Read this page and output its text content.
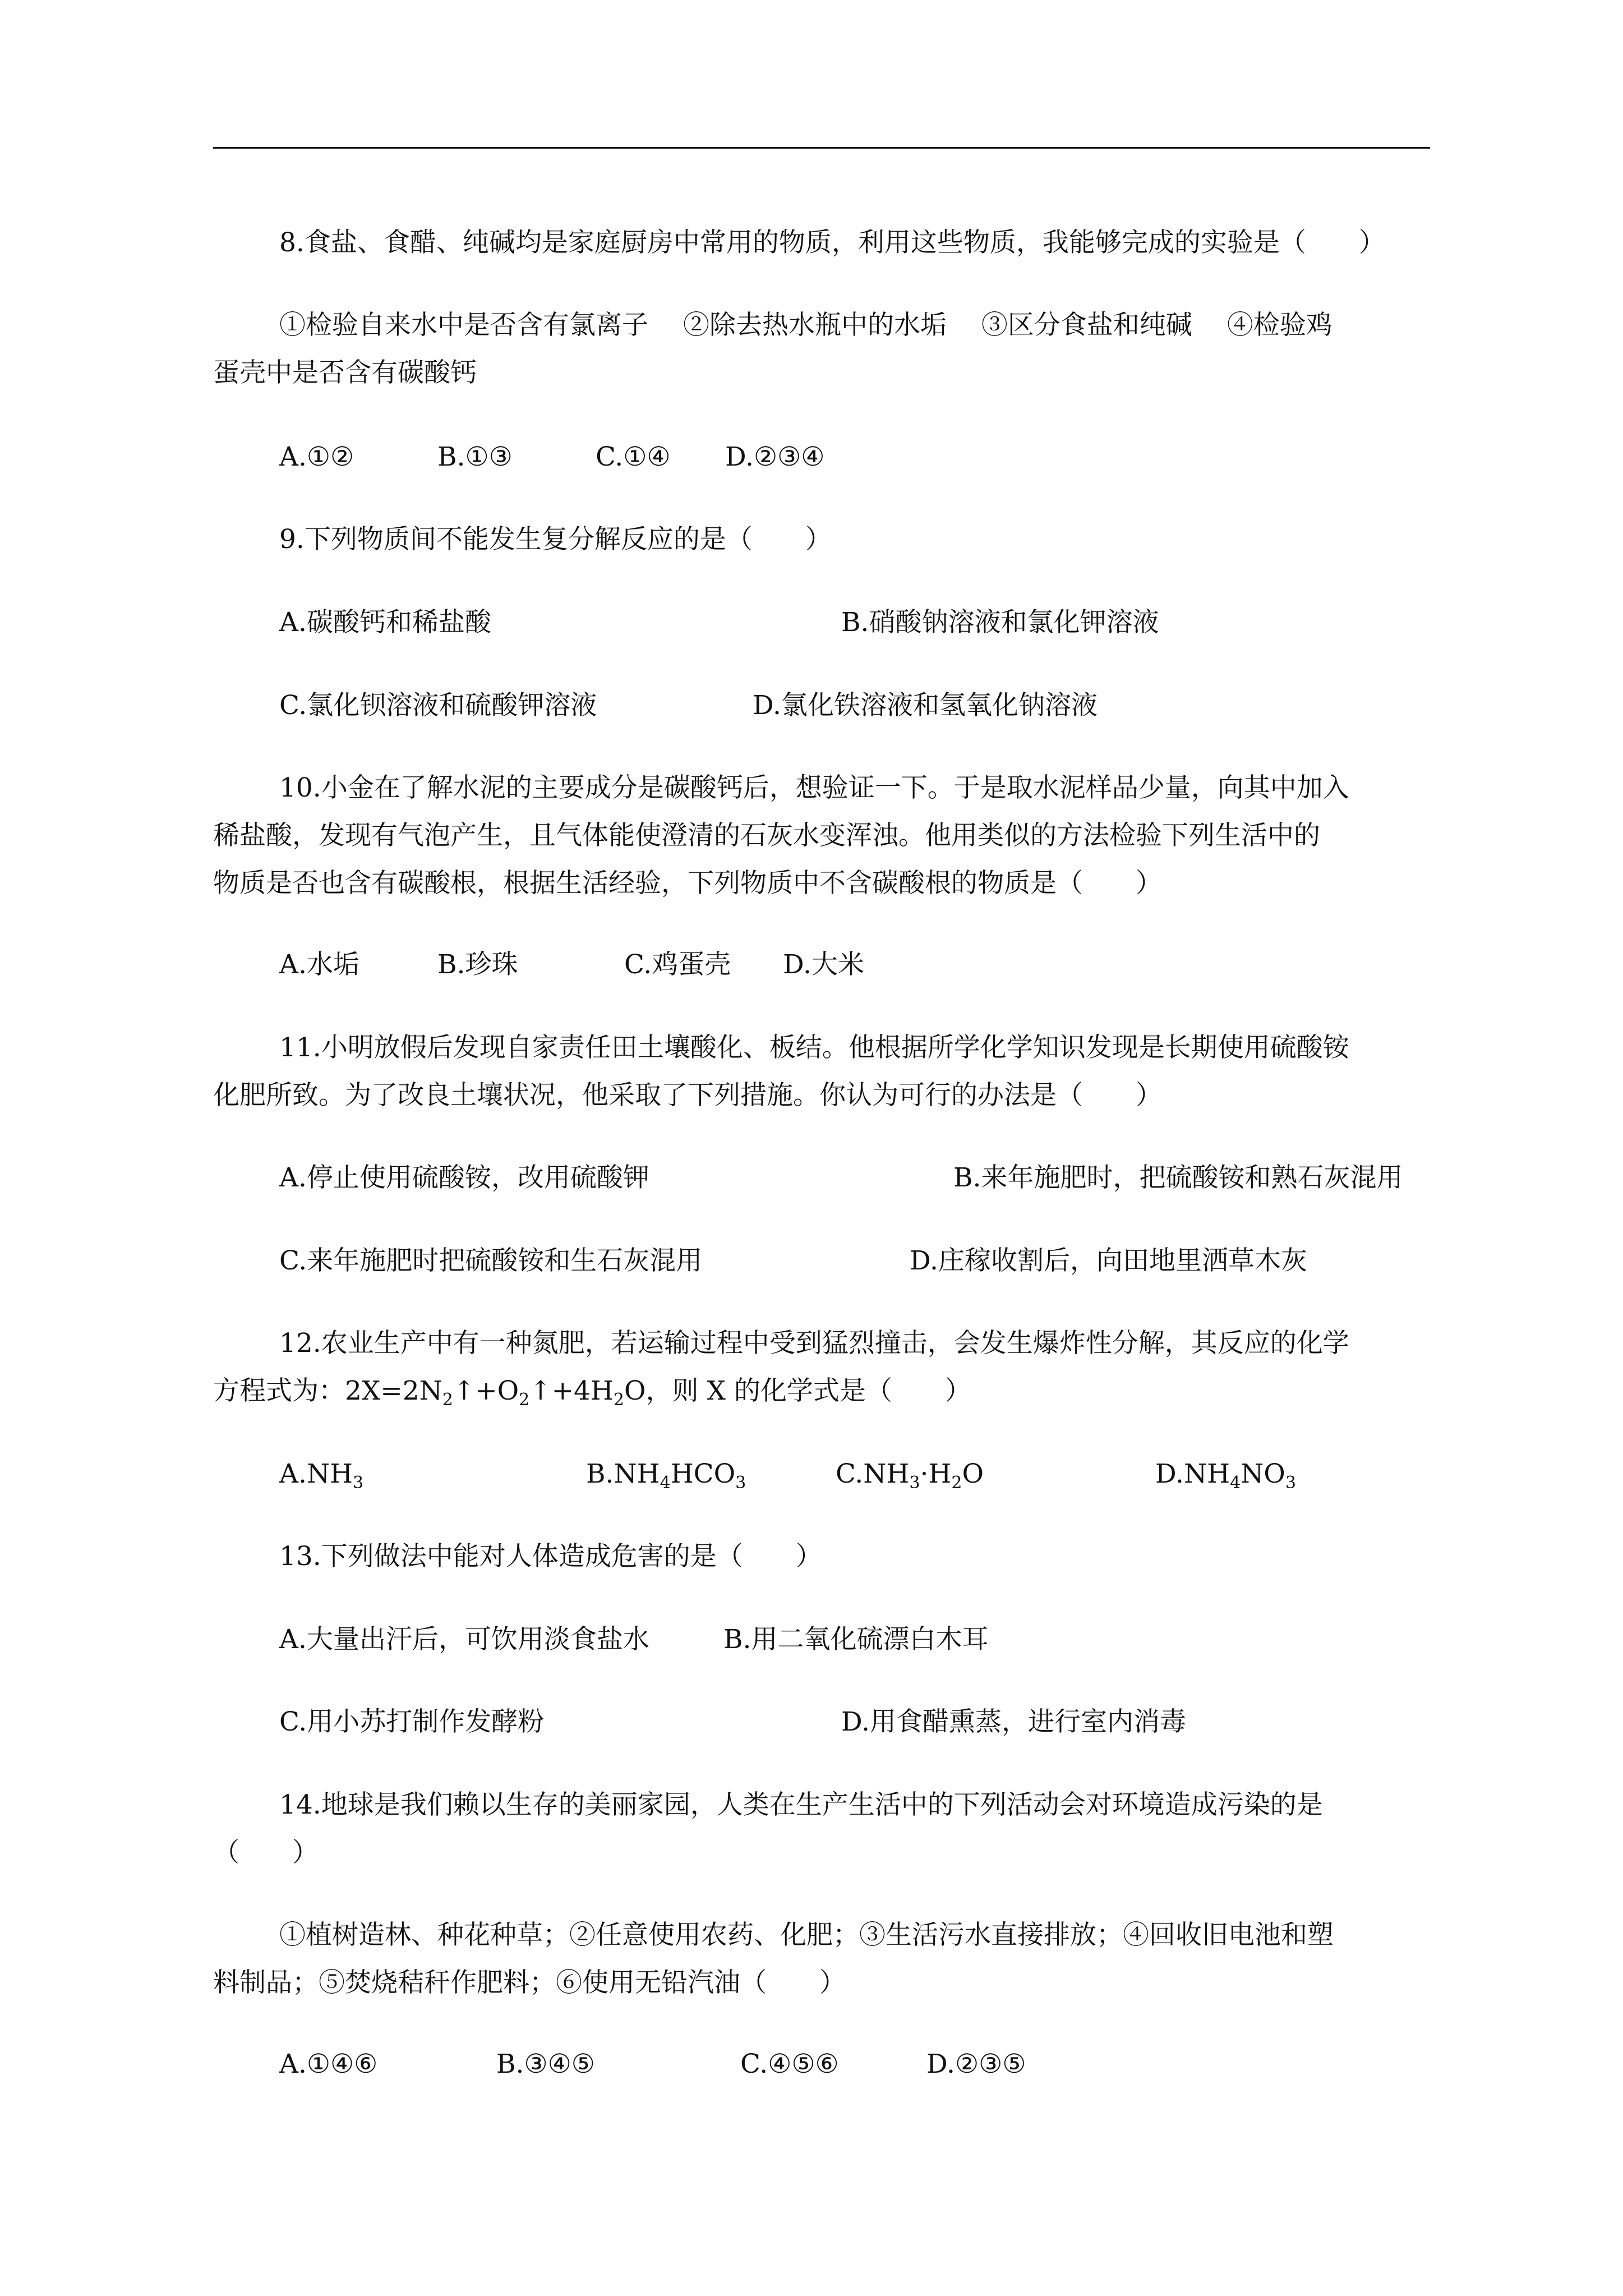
8.食盐、食醋、纯碱均是家庭厨房中常用的物质，利用这些物质，我能够完成的实验是（　　）
①检验自来水中是否含有氯离子　 ②除去热水瓶中的水垢　 ③区分食盐和纯碱　 ④检验鸡
蛋壳中是否含有碳酸钙
A.①②	B.①③	C.①④ D.②③④
9.下列物质间不能发生复分解反应的是（　　）
A.碳酸钙和稀盐酸	B.硝酸钠溶液和氯化钾溶液
C.氯化钡溶液和硫酸钾溶液	D.氯化铁溶液和氢氧化钠溶液
10.小金在了解水泥的主要成分是碳酸钙后，想验证一下。于是取水泥样品少量，向其中加入
稀盐酸，发现有气泡产生，且气体能使澄清的石灰水变浑浊。他用类似的方法检验下列生活中的
物质是否也含有碳酸根，根据生活经验，下列物质中不含碳酸根的物质是（　　）
A.水垢	B.珍珠	C.鸡蛋壳 D.大米
11.小明放假后发现自家责任田土壤酸化、板结。他根据所学化学知识发现是长期使用硫酸铵
化肥所致。为了改良土壤状况，他采取了下列措施。你认为可行的办法是（　　）
A.停止使用硫酸铵，改用硫酸钾	B.来年施肥时，把硫酸铵和熟石灰混用
C.来年施肥时把硫酸铵和生石灰混用	D.庄稼收割后，向田地里洒草木灰
12.农业生产中有一种氮肥，若运输过程中受到猛烈撞击，会发生爆炸性分解，其反应的化学
方程式为：$2X=2N_2↑+O_2↑+4H_2O$，则 X 的化学式是（　　）
$A.NH_3$	$B.NH_4HCO_3$	$C.NH_3\cdot H_2O$	$D.NH_4NO_3$
13.下列做法中能对人体造成危害的是（　　）
A.大量出汗后，可饮用淡食盐水	B.用二氧化硫漂白木耳
C.用小苏打制作发酵粉	D.用食醋熏蒸，进行室内消毒
14.地球是我们赖以生存的美丽家园，人类在生产生活中的下列活动会对环境造成污染的是
（　　）
①植树造林、种花种草；②任意使用农药、化肥；③生活污水直接排放；④回收旧电池和塑
料制品；⑤焚烧秸秆作肥料；⑥使用无铅汽油（　　）
A.①④⑥	B.③④⑤	C.④⑤⑥	D.②③⑤
